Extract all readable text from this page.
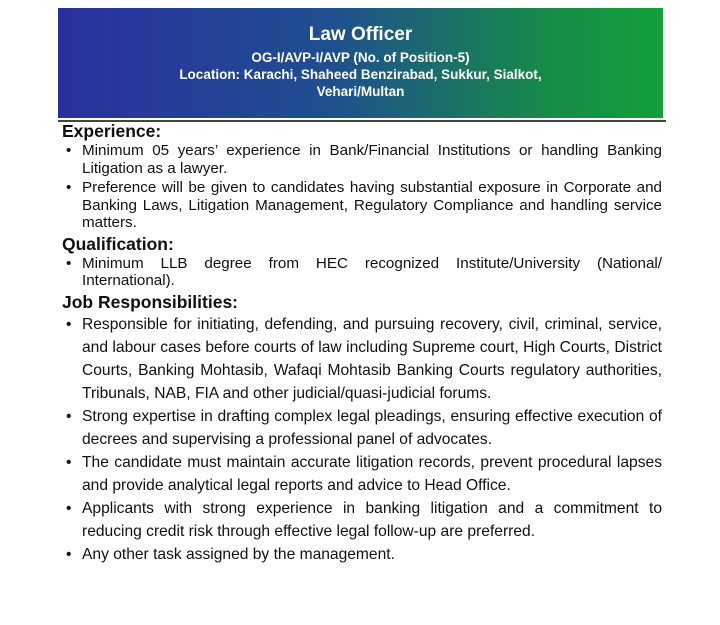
Law Officer
OG-I/AVP-I/AVP (No. of Position-5)
Location: Karachi, Shaheed Benzirabad, Sukkur, Sialkot,
Vehari/Multan
Experience:
• Minimum 05 years’ experience in Bank/Financial Institutions or handling Banking Litigation as a lawyer.
• Preference will be given to candidates having substantial exposure in Corporate and Banking Laws, Litigation Management, Regulatory Compliance and handling service matters.
Qualification:
• Minimum LLB degree from HEC recognized Institute/University (National/ International).
Job Responsibilities:
• Responsible for initiating, defending, and pursuing recovery, civil, criminal, service, and labour cases before courts of law including Supreme court, High Courts, District Courts, Banking Mohtasib, Wafaqi Mohtasib Banking Courts regulatory authorities, Tribunals, NAB, FIA and other judicial/quasi-judicial forums.
• Strong expertise in drafting complex legal pleadings, ensuring effective execution of decrees and supervising a professional panel of advocates.
• The candidate must maintain accurate litigation records, prevent procedural lapses and provide analytical legal reports and advice to Head Office.
• Applicants with strong experience in banking litigation and a commitment to reducing credit risk through effective legal follow-up are preferred.
• Any other task assigned by the management.
